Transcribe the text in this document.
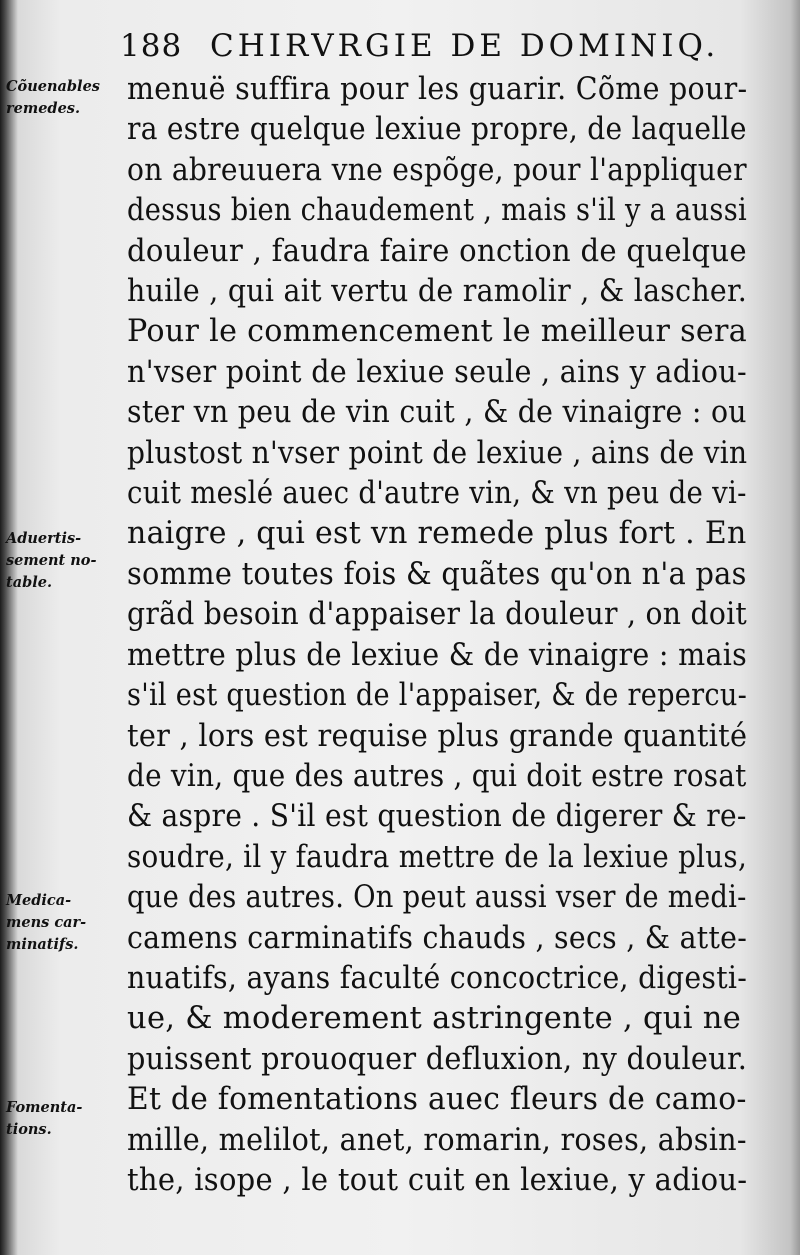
188 CHIRVRGIE DE DOMINIQ.
Cõuenables
remedes.
Aduertis-
sement no-
table.
Medica-
mens car-
minatifs.
Fomenta-
tions.
menuë suffira pour les guarir. Cõme pour-
ra estre quelque lexiue propre, de laquelle
on abreuuera vne espõge, pour l'appliquer
dessus bien chaudement , mais s'il y a aussi
douleur , faudra faire onction de quelque
huile , qui ait vertu de ramolir , & lascher.
Pour le commencement le meilleur sera
n'vser point de lexiue seule , ains y adiou-
ster vn peu de vin cuit , & de vinaigre : ou
plustost n'vser point de lexiue , ains de vin
cuit meslé auec d'autre vin, & vn peu de vi-
naigre , qui est vn remede plus fort . En
somme toutes fois & quãtes qu'on n'a pas
grãd besoin d'appaiser la douleur , on doit
mettre plus de lexiue & de vinaigre : mais
s'il est question de l'appaiser, & de repercu-
ter , lors est requise plus grande quantité
de vin, que des autres , qui doit estre rosat
& aspre . S'il est question de digerer & re-
soudre, il y faudra mettre de la lexiue plus,
que des autres. On peut aussi vser de medi-
camens carminatifs chauds , secs , & atte-
nuatifs, ayans faculté concoctrice, digesti-
ue, & moderement astringente , qui ne
puissent prouoquer defluxion, ny douleur.
Et de fomentations auec fleurs de camo-
mille, melilot, anet, romarin, roses, absin-
the, isope , le tout cuit en lexiue, y adiou-
